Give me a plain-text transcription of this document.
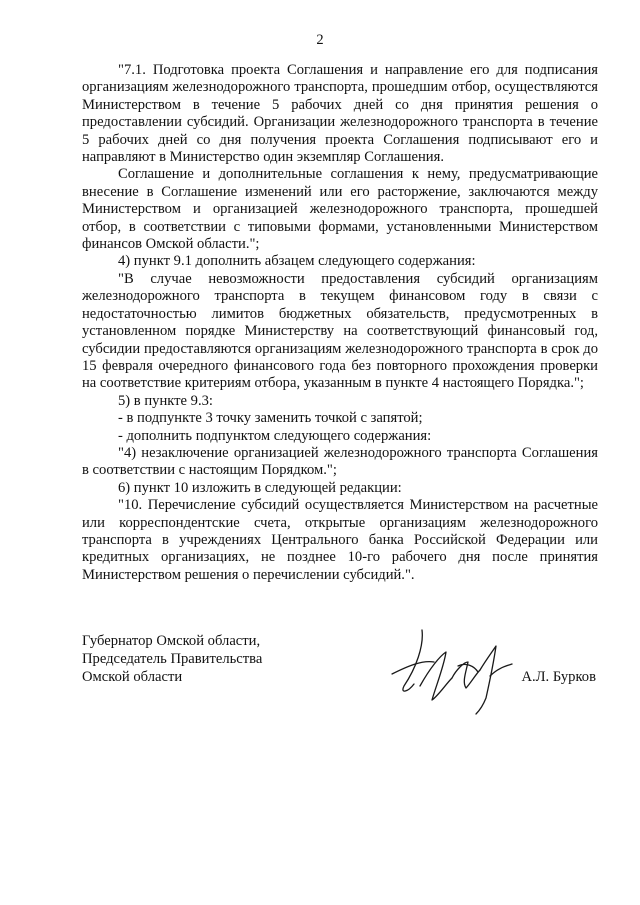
2

"7.1. Подготовка проекта Соглашения и направление его для подписания организациям железнодорожного транспорта, прошедшим отбор, осуществляются Министерством в течение 5 рабочих дней со дня принятия решения о предоставлении субсидий. Организации железнодорожного транспорта в течение 5 рабочих дней со дня получения проекта Соглашения подписывают его и направляют в Министерство один экземпляр Соглашения.

Соглашение и дополнительные соглашения к нему, предусматривающие внесение в Соглашение изменений или его расторжение, заключаются между Министерством и организацией железнодорожного транспорта, прошедшей отбор, в соответствии с типовыми формами, установленными Министерством финансов Омской области.";

4) пункт 9.1 дополнить абзацем следующего содержания:

"В случае невозможности предоставления субсидий организациям железнодорожного транспорта в текущем финансовом году в связи с недостаточностью лимитов бюджетных обязательств, предусмотренных в установленном порядке Министерству на соответствующий финансовый год, субсидии предоставляются организациям железнодорожного транспорта в срок до 15 февраля очередного финансового года без повторного прохождения проверки на соответствие критериям отбора, указанным в пункте 4 настоящего Порядка.";

5) в пункте 9.3:

- в подпункте 3 точку заменить точкой с запятой;

- дополнить подпунктом следующего содержания:

"4) незаключение организацией железнодорожного транспорта Соглашения в соответствии с настоящим Порядком.";

6) пункт 10 изложить в следующей редакции:

"10. Перечисление субсидий осуществляется Министерством на расчетные или корреспондентские счета, открытые организациям железнодорожного транспорта в учреждениях Центрального банка Российской Федерации или кредитных организациях, не позднее 10-го рабочего дня после принятия Министерством решения о перечислении субсидий.".

Губернатор Омской области,
Председатель Правительства
Омской области	А.Л. Бурков
